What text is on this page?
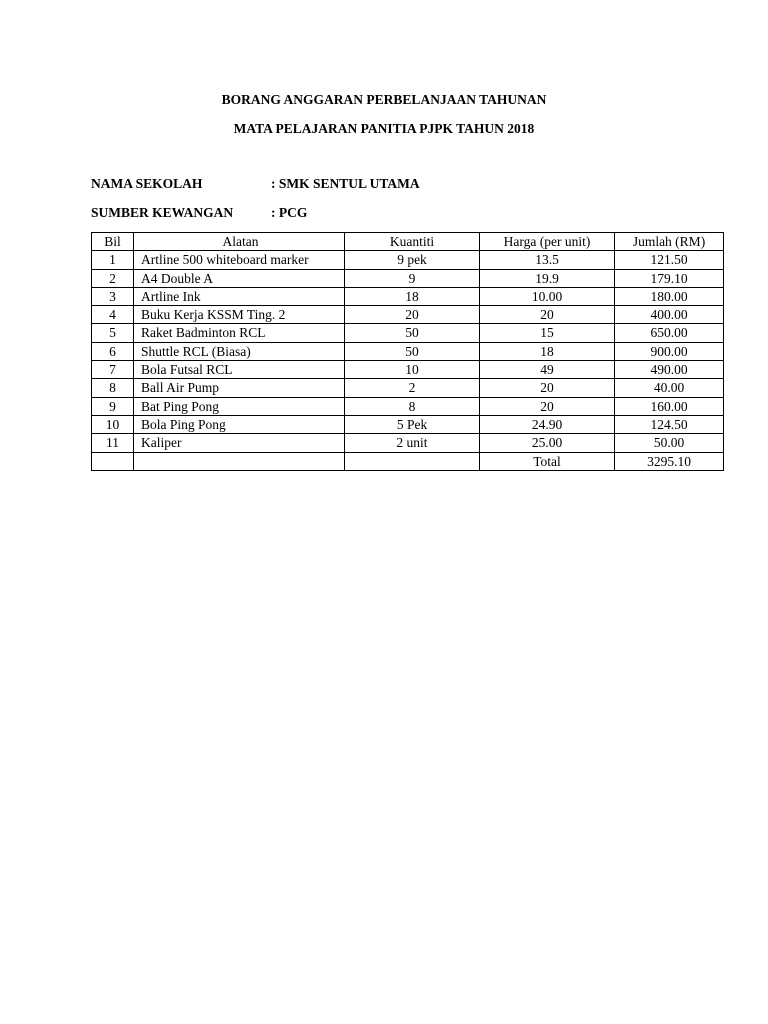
BORANG ANGGARAN PERBELANJAAN TAHUNAN

MATA PELAJARAN PANITIA PJPK TAHUN 2018

NAMA SEKOLAH	: SMK SENTUL UTAMA
SUMBER KEWANGAN	: PCG
Bil	Alatan	Kuantiti	Harga (per unit)	Jumlah (RM)
1	Artline 500 whiteboard marker	9 pek	13.5	121.50
2	A4 Double A	9	19.9	179.10
3	Artline Ink	18	10.00	180.00
4	Buku Kerja KSSM Ting. 2	20	20	400.00
5	Raket Badminton RCL	50	15	650.00
6	Shuttle RCL (Biasa)	50	18	900.00
7	Bola Futsal RCL	10	49	490.00
8	Ball Air Pump	2	20	40.00
9	Bat Ping Pong	8	20	160.00
10	Bola Ping Pong	5 Pek	24.90	124.50
11	Kaliper	2 unit	25.00	50.00
			Total	3295.10
